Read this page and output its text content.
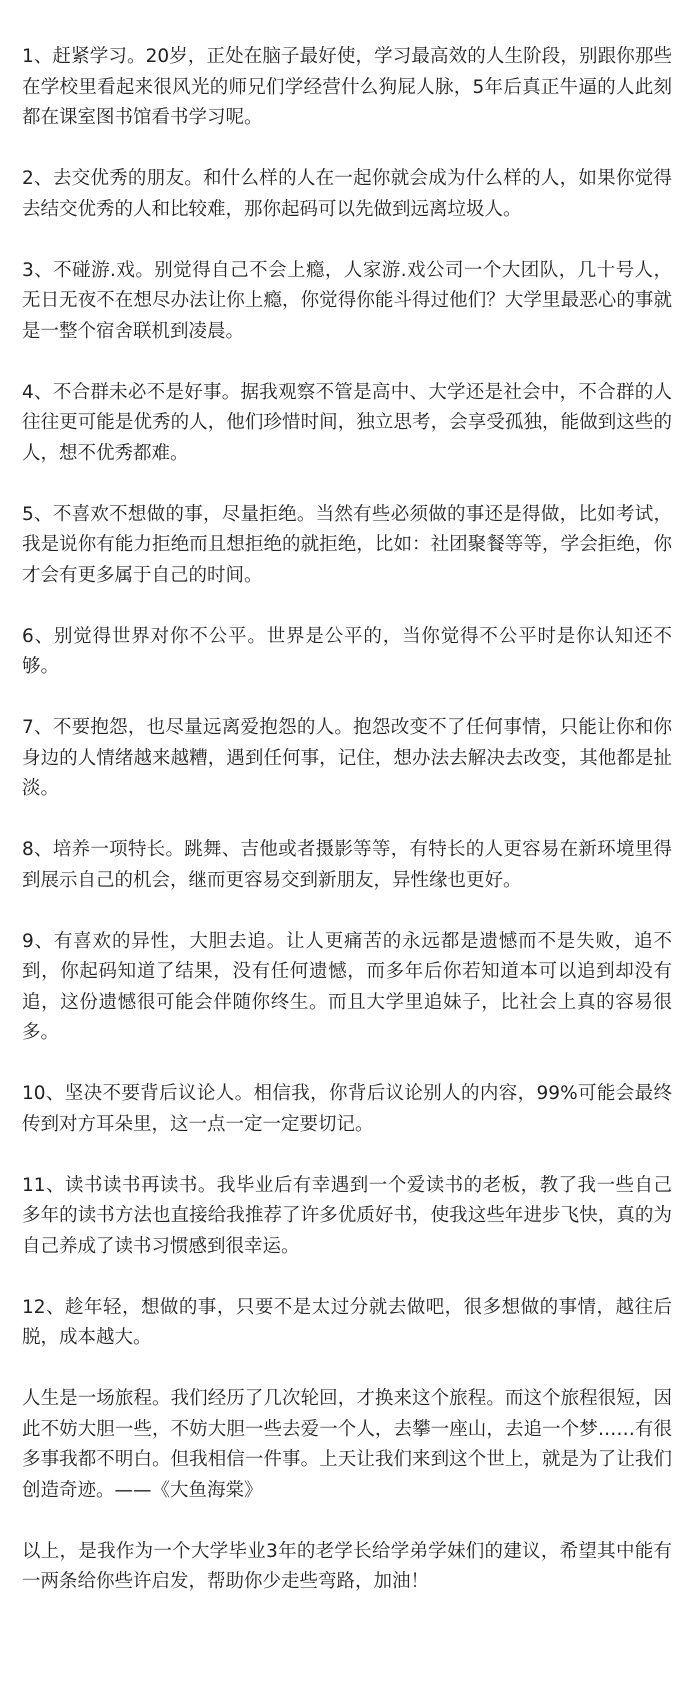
1、赶紧学习。20岁，正处在脑子最好使，学习最高效的人生阶段，别跟你那些在学校里看起来很风光的师兄们学经营什么狗屁人脉，5年后真正牛逼的人此刻都在课室图书馆看书学习呢。

2、去交优秀的朋友。和什么样的人在一起你就会成为什么样的人，如果你觉得去结交优秀的人和比较难，那你起码可以先做到远离垃圾人。

3、不碰游.戏。别觉得自己不会上瘾，人家游.戏公司一个大团队，几十号人，无日无夜不在想尽办法让你上瘾，你觉得你能斗得过他们？大学里最恶心的事就是一整个宿舍联机到凌晨。

4、不合群未必不是好事。据我观察不管是高中、大学还是社会中，不合群的人往往更可能是优秀的人，他们珍惜时间，独立思考，会享受孤独，能做到这些的人，想不优秀都难。

5、不喜欢不想做的事，尽量拒绝。当然有些必须做的事还是得做，比如考试，我是说你有能力拒绝而且想拒绝的就拒绝，比如：社团聚餐等等，学会拒绝，你才会有更多属于自己的时间。

6、别觉得世界对你不公平。世界是公平的，当你觉得不公平时是你认知还不够。

7、不要抱怨，也尽量远离爱抱怨的人。抱怨改变不了任何事情，只能让你和你身边的人情绪越来越糟，遇到任何事，记住，想办法去解决去改变，其他都是扯淡。

8、培养一项特长。跳舞、吉他或者摄影等等，有特长的人更容易在新环境里得到展示自己的机会，继而更容易交到新朋友，异性缘也更好。

9、有喜欢的异性，大胆去追。让人更痛苦的永远都是遗憾而不是失败，追不到，你起码知道了结果，没有任何遗憾，而多年后你若知道本可以追到却没有追，这份遗憾很可能会伴随你终生。而且大学里追妹子，比社会上真的容易很多。

10、坚决不要背后议论人。相信我，你背后议论别人的内容，99%可能会最终传到对方耳朵里，这一点一定一定要切记。

11、读书读书再读书。我毕业后有幸遇到一个爱读书的老板，教了我一些自己多年的读书方法也直接给我推荐了许多优质好书，使我这些年进步飞快，真的为自己养成了读书习惯感到很幸运。

12、趁年轻，想做的事，只要不是太过分就去做吧，很多想做的事情，越往后脱，成本越大。

人生是一场旅程。我们经历了几次轮回，才换来这个旅程。而这个旅程很短，因此不妨大胆一些，不妨大胆一些去爱一个人，去攀一座山，去追一个梦……有很多事我都不明白。但我相信一件事。上天让我们来到这个世上，就是为了让我们创造奇迹。——《大鱼海棠》

以上，是我作为一个大学毕业3年的老学长给学弟学妹们的建议，希望其中能有一两条给你些许启发，帮助你少走些弯路，加油！
